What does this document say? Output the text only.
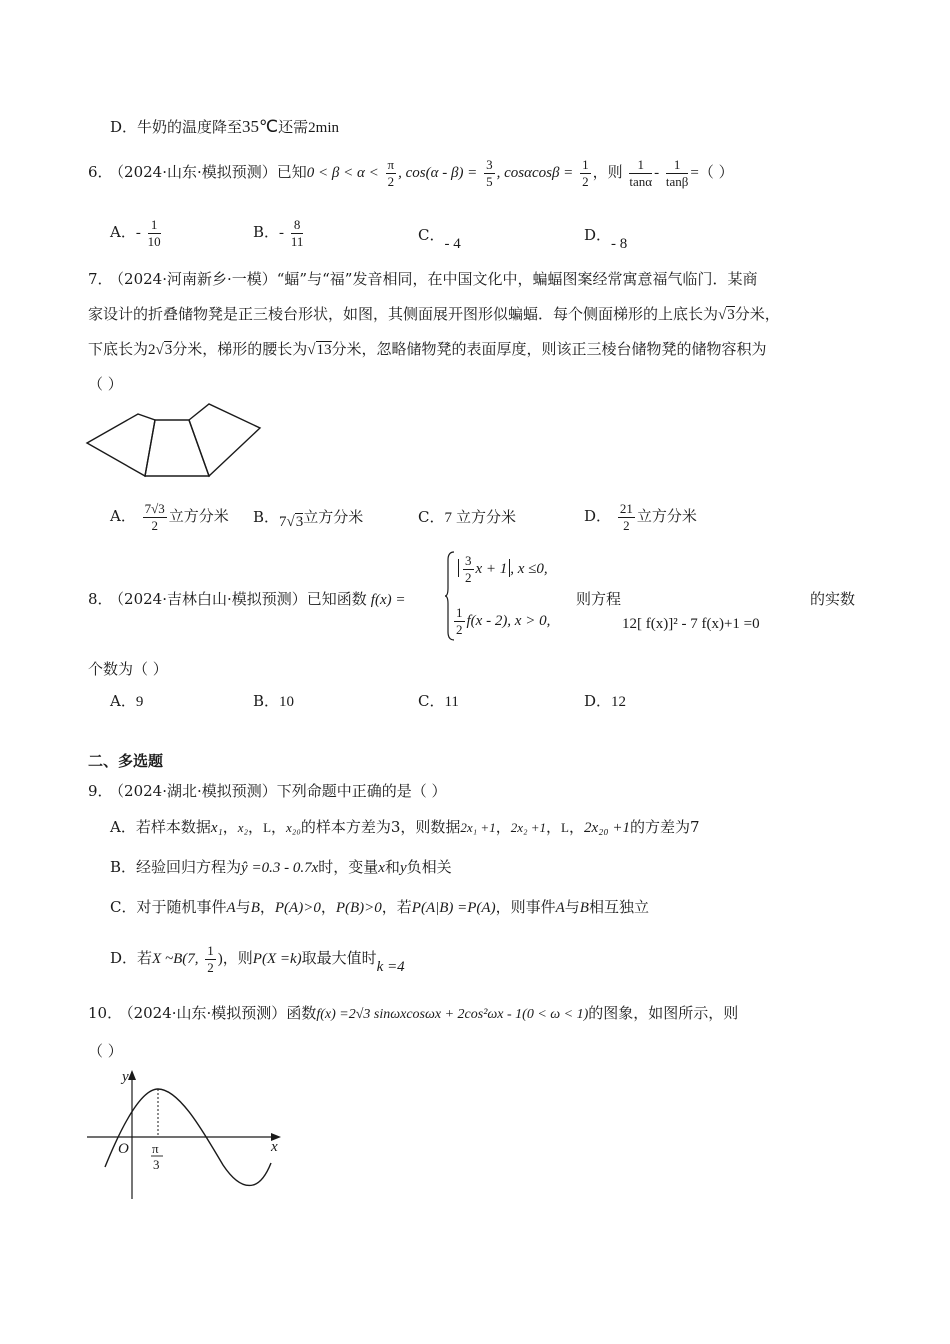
D．牛奶的温度降至35℃还需2min
6． （2024·山东·模拟预测）已知$0 < \beta < \alpha < \frac{\pi}{2}$ , $\cos(\alpha - \beta) = \frac{3}{5}$ , $\cos\alpha\cos\beta = \frac{1}{2}$ ，则 $\frac{1}{\tan\alpha} - \frac{1}{\tan\beta}$ =（ ）
A．- $\frac{1}{10}$	B．- $\frac{8}{11}$	C．- 4	D．- 8
7． （2024·河南新乡·一模）“蝠”与“福”发音相同，在中国文化中，蝙蝠图案经常寓意福气临门．某商
家设计的折叠储物凳是正三棱台形状，如图，其侧面展开图形似蝙蝠．每个侧面梯形的上底长为√3分米，
下底长为2√3分米，梯形的腰长为√13分米，忽略储物凳的表面厚度，则该正三棱台储物凳的储物容积为
（ ）
A． $\frac{7√3}{2}$ 立方分米 B．7√3立方分米	C．7 立方分米	D． $\frac{21}{2}$ 立方分米
8． （2024·吉林白山·模拟预测）已知函数 f(x) =
$\frac{3}{2}$ x + 1 , x ≤0,
$\frac{1}{2} f(x - 2)$, x > 0,
则方程
12[ f(x)]² - 7 f(x)+1 =0
的实数
个数为（ ）
A．9	B．10	C．11	D．12
二、多选题
9． （2024·湖北·模拟预测）下列命题中正确的是（ ）
A．若样本数据x₁，x₂，L，x₂₀的样本方差为3，则数据2x₁ +1，2x₂ +1，L，2x₂₀ +1的方差为7
B．经验回归方程为ŷ =0.3 - 0.7x时，变量x和y负相关
C．对于随机事件A与B，P(A)>0，P(B)>0，若P(A|B) =P(A)，则事件A与B相互独立
D．若X ~B(7, $\frac{1}{2}$ )，则P(X =k)取最大值时k =4
10． （2024·山东·模拟预测）函数f(x) =2√3 sinωxcosωx + 2cos²ωx - 1(0 < ω < 1)的图象，如图所示，则
（ ）
y
x
O π
3
